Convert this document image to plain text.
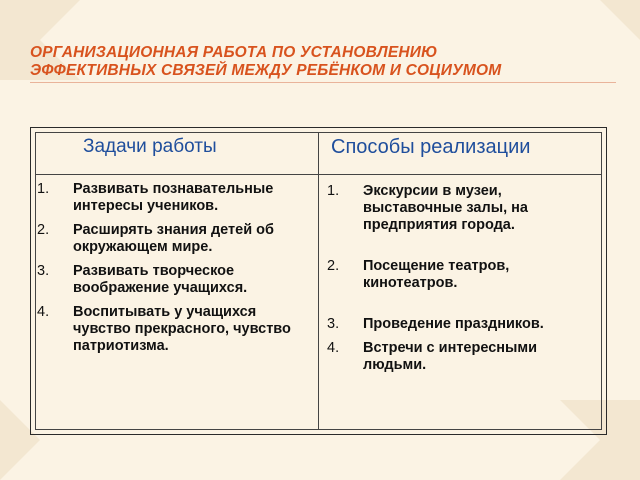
ОРГАНИЗАЦИОННАЯ РАБОТА ПО УСТАНОВЛЕНИЮ
ЭФФЕКТИВНЫХ СВЯЗЕЙ МЕЖДУ РЕБЁНКОМ И СОЦИУМОМ
Задачи работы	Способы реализации
1. Развивать познавательные интересы учеников.
2. Расширять знания детей об окружающем мире.
3. Развивать творческое воображение учащихся.
4. Воспитывать у учащихся чувство прекрасного, чувство патриотизма.
1. Экскурсии в музеи, выставочные залы, на предприятия города.
2. Посещение театров, кинотеатров.
3. Проведение праздников.
4. Встречи с интересными людьми.
